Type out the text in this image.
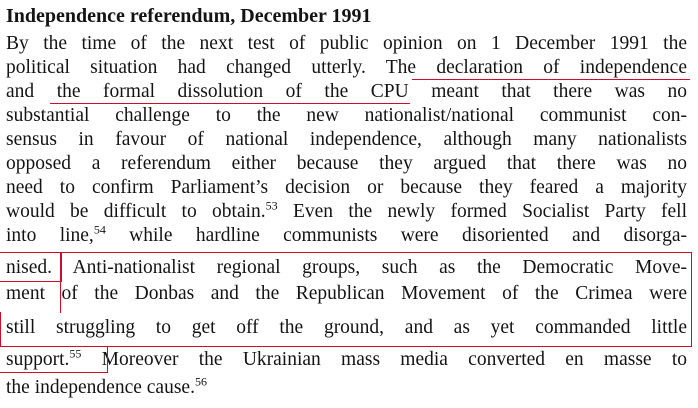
Independence referendum, December 1991
By the time of the next test of public opinion on 1 December 1991 the
political situation had changed utterly. The declaration of independence
and the formal dissolution of the CPU meant that there was no
substantial challenge to the new nationalist/national communist con-
sensus in favour of national independence, although many nationalists
opposed a referendum either because they argued that there was no
need to confirm Parliament’s decision or because they feared a majority
would be difficult to obtain.$^{53}$ Even the newly formed Socialist Party fell
into line,$^{54}$ while hardline communists were disoriented and disorga-
nised. Anti-nationalist regional groups, such as the Democratic Move-
ment of the Donbas and the Republican Movement of the Crimea were
still struggling to get off the ground, and as yet commanded little
support.$^{55}$ Moreover the Ukrainian mass media converted en masse to
the independence cause.$^{56}$
